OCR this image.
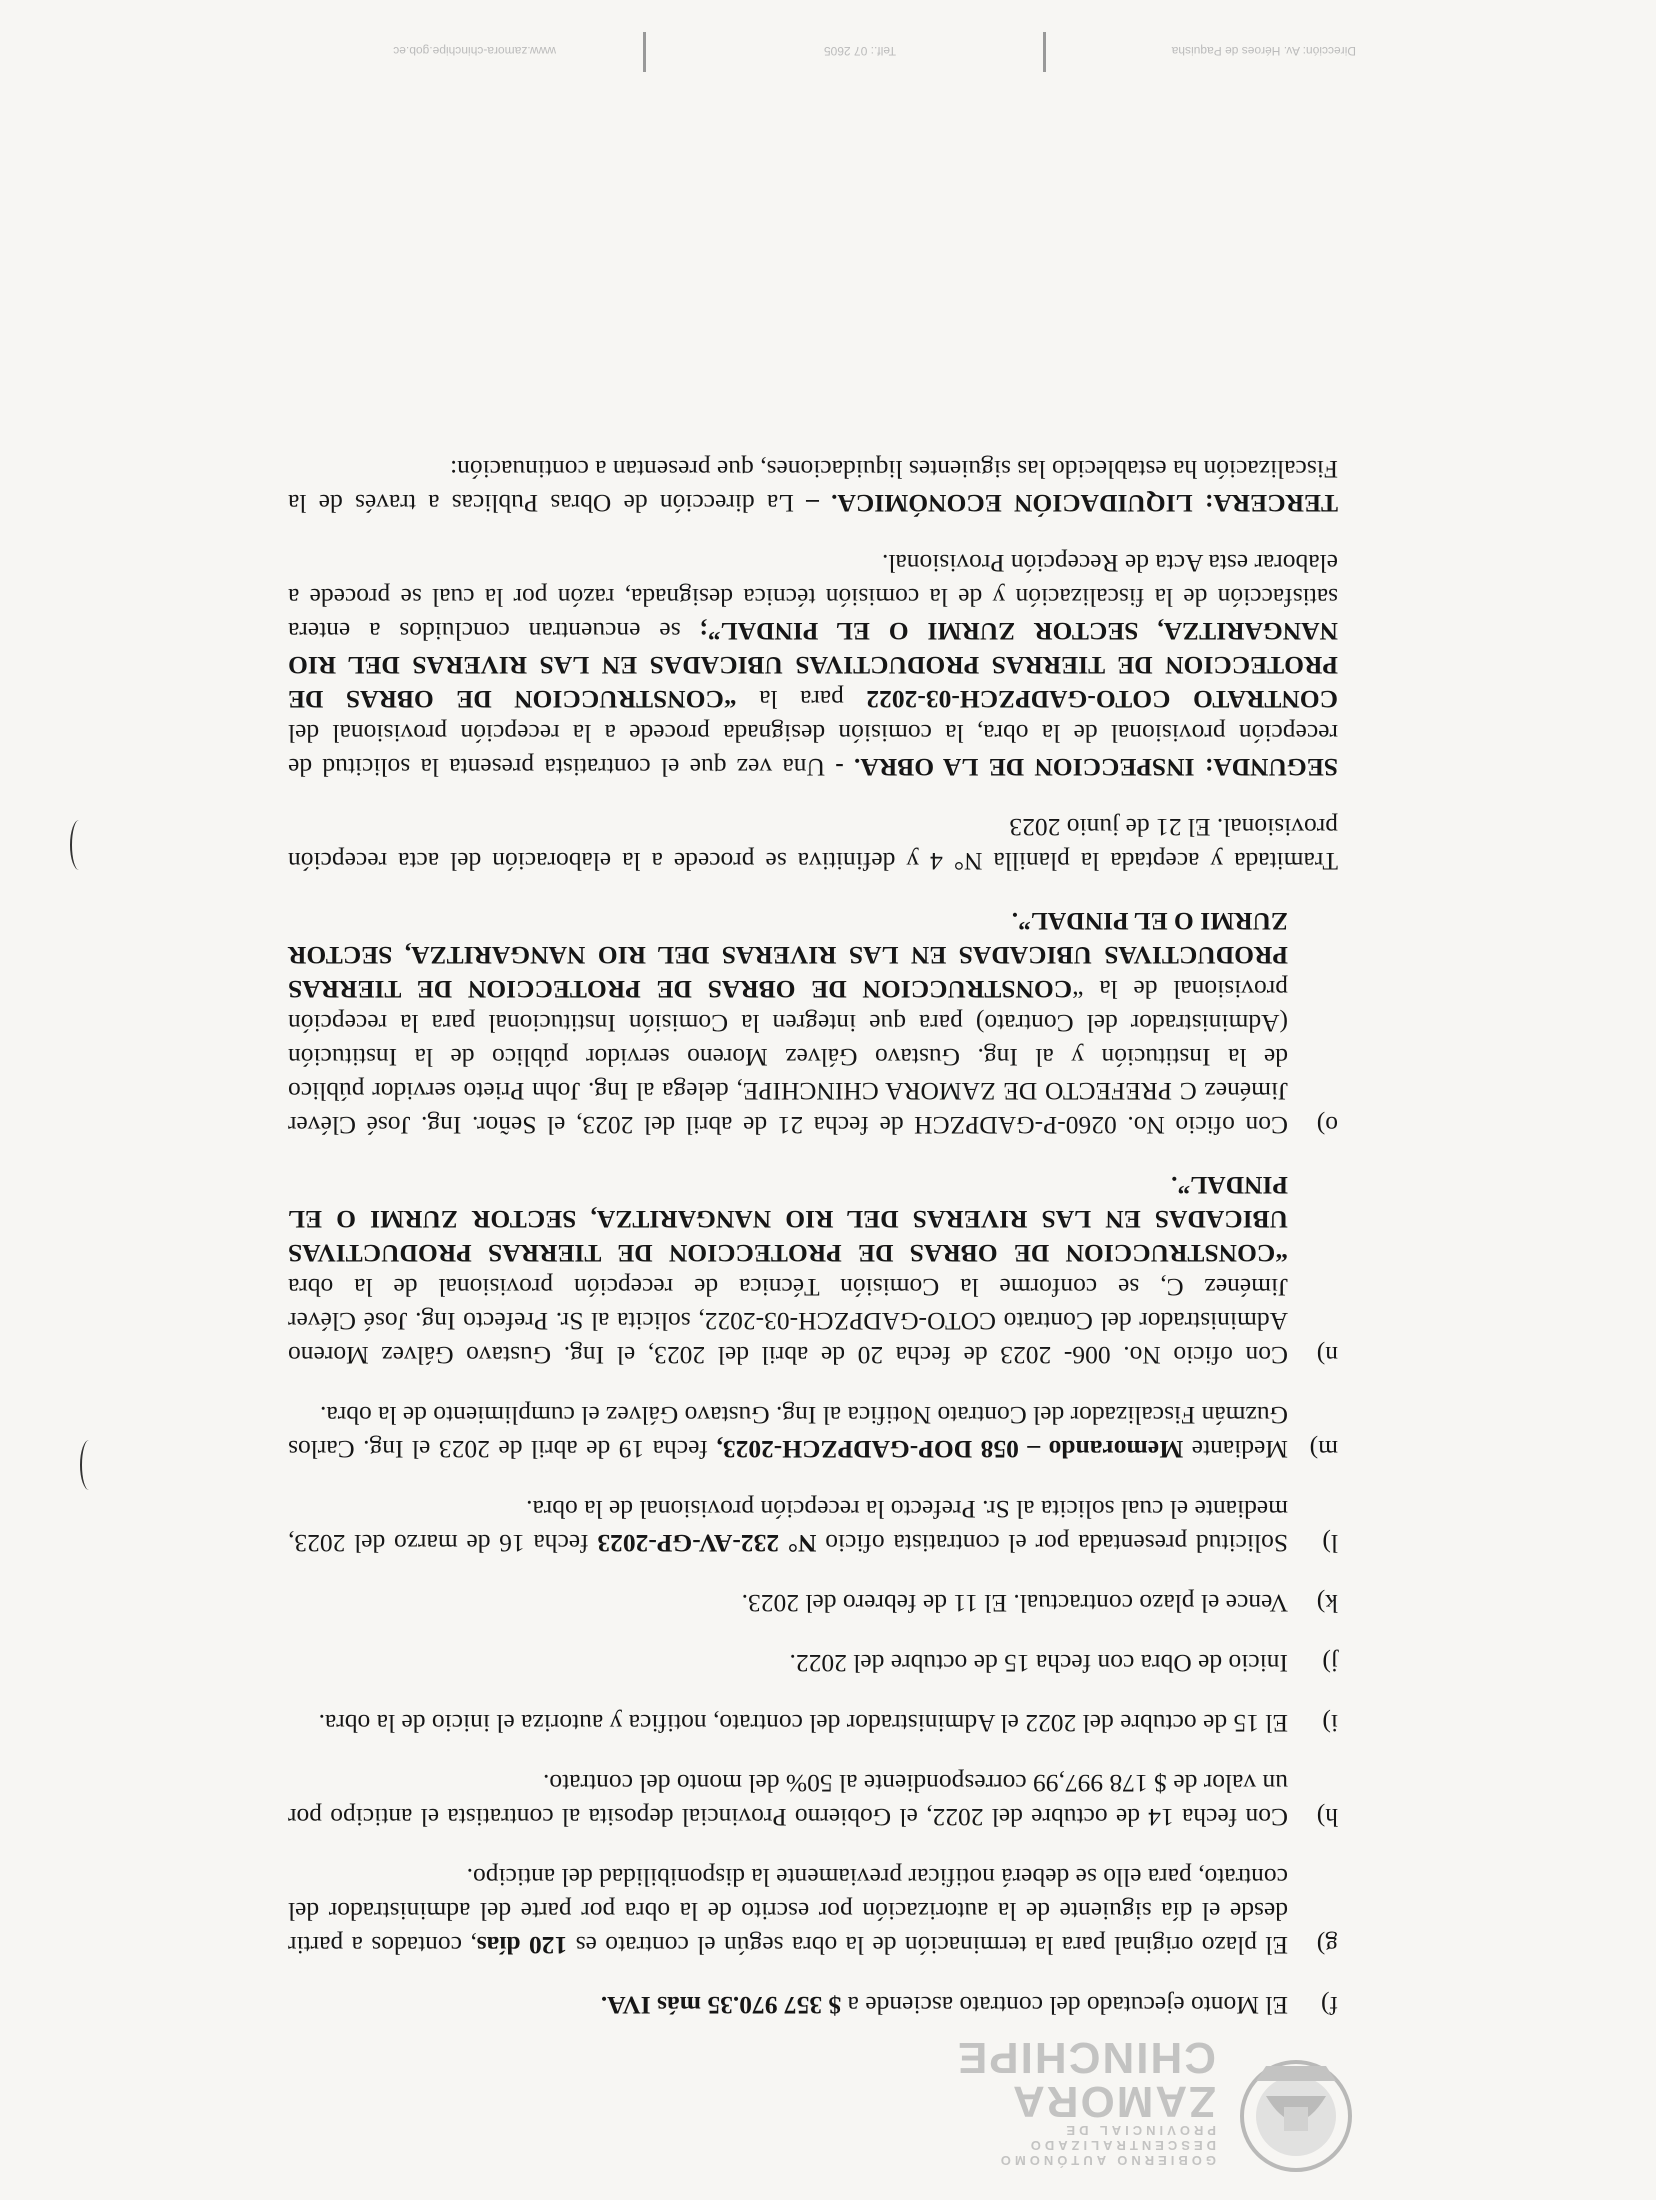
GOBIERNO AUTÓNOMO DESCENTRALIZADO PROVINCIAL DE
ZAMORA
CHINCHIPE
f)

El Monto ejecutado del contrato asciende a $ 357 970.35 más IVA.

g)

El plazo original para la terminación de la obra según el contrato es 120 días, contados a partir desde el día siguiente de la autorización por escrito de la obra por parte del administrador del contrato, para ello se deberá notificar previamente la disponibilidad del anticipo.

h)

Con fecha 14 de octubre del 2022, el Gobierno Provincial deposita al contratista el anticipo por un valor de $ 178 997,99 correspondiente al 50% del monto del contrato.

i)

El 15 de octubre del 2022 el Administrador del contrato, notifica y autoriza el inicio de la obra.

j)

Inicio de Obra con fecha 15 de octubre del 2022.

k)

Vence el plazo contractual. El 11 de febrero del 2023.

l)

Solicitud presentada por el contratista oficio N° 232-AV-GP-2023 fecha 16 de marzo del 2023, mediante el cual solicita al Sr. Prefecto la recepción provisional de la obra.

m)

Mediante Memorando – 058 DOP-GADPZCH-2023, fecha 19 de abril de 2023 el Ing. Carlos Guzmán Fiscalizador del Contrato Notifica al Ing. Gustavo Gálvez el cumplimiento de la obra.

n)

Con oficio No. 006- 2023 de fecha 20 de abril del 2023, el Ing. Gustavo Gálvez Moreno Administrador del Contrato COTO-GADPZCH-03-2022, solicita al Sr. Prefecto Ing. José Cléver Jiménez C, se conforme la Comisión Técnica de recepción provisional de la obra “CONSTRUCCION DE OBRAS DE PROTECCION DE TIERRAS PRODUCTIVAS UBICADAS EN LAS RIVERAS DEL RIO NANGARITZA, SECTOR ZURMI O EL PINDAL”.

o)

Con oficio No. 0260-P-GADPZCH de fecha 21 de abril del 2023, el Señor. Ing. José Cléver Jiménez C PREFECTO DE ZAMORA CHINCHIPE, delega al Ing. John Prieto servidor público de la Institución y al Ing. Gustavo Gálvez Moreno servidor público de la Institución (Administrador del Contrato) para que integren la Comisión Institucional para la recepción provisional de la “CONSTRUCCION DE OBRAS DE PROTECCION DE TIERRAS PRODUCTIVAS UBICADAS EN LAS RIVERAS DEL RIO NANGARITZA, SECTOR ZURMI O EL PINDAL”.

Tramitada y aceptada la planilla N° 4 y definitiva se procede a la elaboración del acta recepción provisional. El 21 de junio 2023

SEGUNDA: INSPECCION DE LA OBRA. - Una vez que el contratista presenta la solicitud de recepción provisional de la obra, la comisión designada procede a la recepción provisional del CONTRATO COTO-GADPZCH-03-2022 para la “CONSTRUCCION DE OBRAS DE PROTECCION DE TIERRAS PRODUCTIVAS UBICADAS EN LAS RIVERAS DEL RIO NANGARITZA, SECTOR ZURMI O EL PINDAL”; se encuentran concluidos a entera satisfacción de la fiscalización y de la comisión técnica designada, razón por la cual se procede a elaborar esta Acta de Recepción Provisional.

TERCERA: LIQUIDACIÓN ECONÓMICA. – La dirección de Obras Publicas a través de la Fiscalización ha establecido las siguientes liquidaciones, que presentan a continuación:

Dirección: Av. Héroes de Paquisha
Telf.: 07 2605
www.zamora-chinchipe.gob.ec
